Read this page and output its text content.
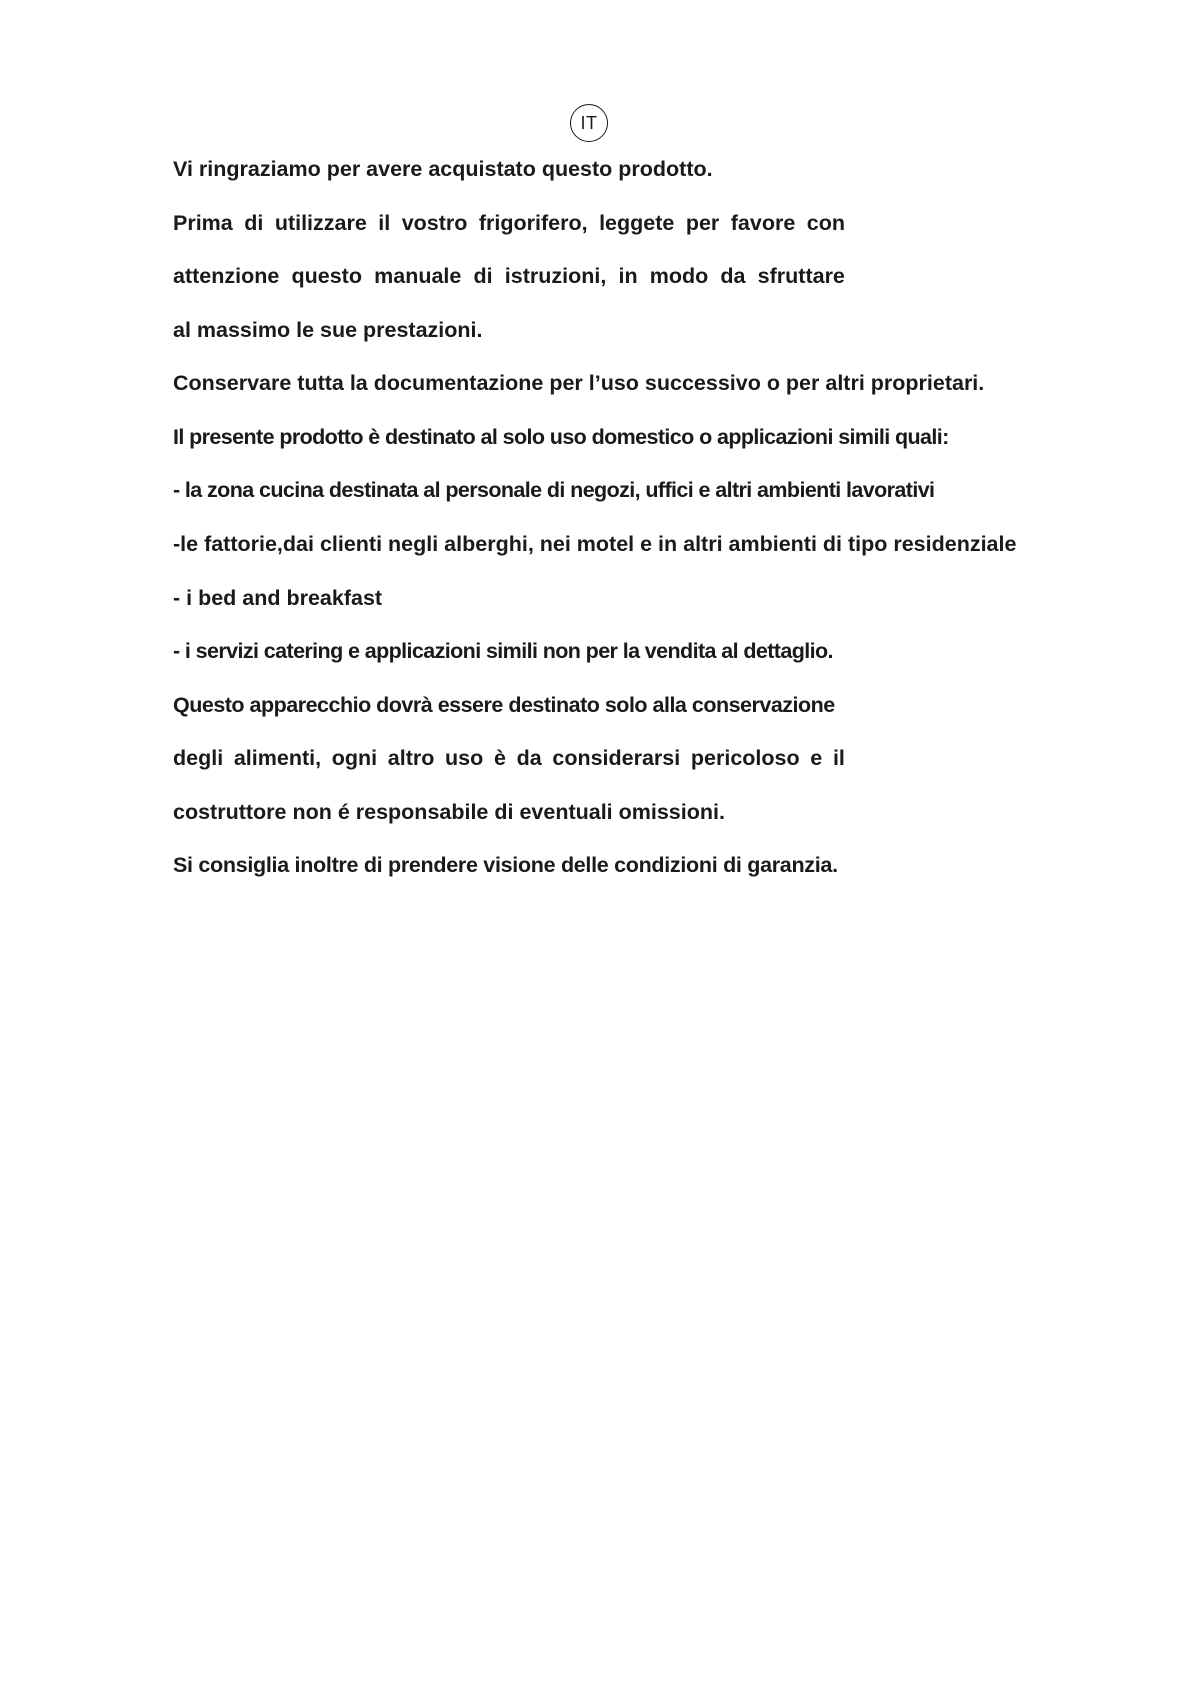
IT
Vi ringraziamo per avere acquistato questo prodotto.
Prima di utilizzare il vostro frigorifero, leggete per favore con
attenzione questo manuale di istruzioni, in modo da sfruttare
al massimo le sue prestazioni.
Conservare tutta la documentazione per l’uso successivo o per altri proprietari.
Il presente prodotto è destinato al solo uso domestico o applicazioni simili quali:
- la zona cucina destinata al personale di negozi, uffici e altri ambienti lavorativi
-le fattorie,dai clienti negli alberghi, nei motel e in altri ambienti di tipo residenziale
- i bed and breakfast
- i servizi catering e applicazioni simili non per la vendita al dettaglio.
Questo apparecchio dovrà essere destinato solo alla conservazione
degli alimenti, ogni altro uso è da considerarsi pericoloso e il
costruttore non é responsabile di eventuali omissioni.
Si consiglia inoltre di prendere visione delle condizioni di garanzia.
